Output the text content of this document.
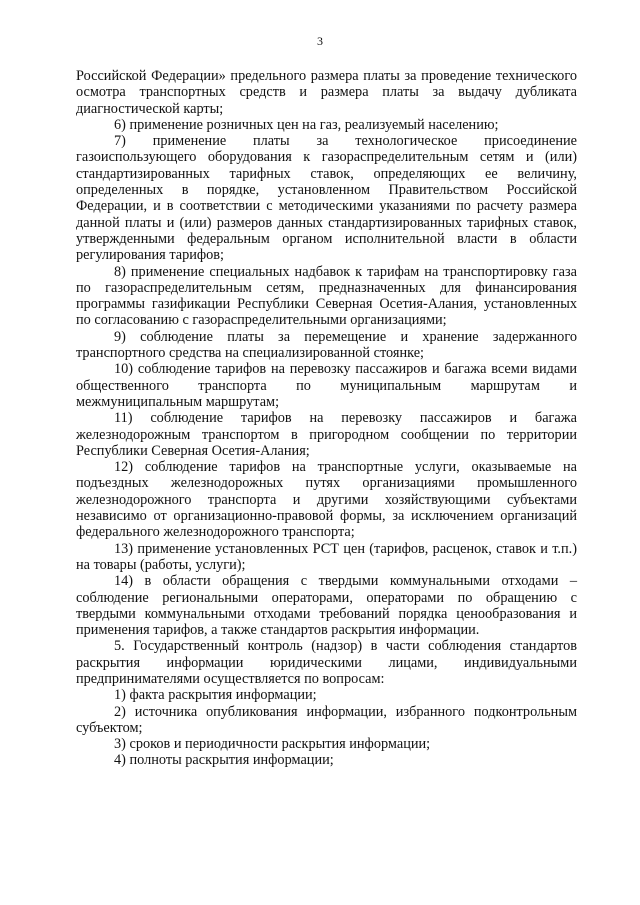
3

Российской Федерации» предельного размера платы за проведение технического осмотра транспортных средств и размера платы за выдачу дубликата диагностической карты;

6) применение розничных цен на газ, реализуемый населению;

7) применение платы за технологическое присоединение газоиспользующего оборудования к газораспределительным сетям и (или) стандартизированных тарифных ставок, определяющих ее величину, определенных в порядке, установленном Правительством Российской Федерации, и в соответствии с методическими указаниями по расчету размера данной платы и (или) размеров данных стандартизированных тарифных ставок, утвержденными федеральным органом исполнительной власти в области регулирования тарифов;

8) применение специальных надбавок к тарифам на транспортировку газа по газораспределительным сетям, предназначенных для финансирования программы газификации Республики Северная Осетия-Алания, установленных по согласованию с газораспределительными организациями;

9) соблюдение платы за перемещение и хранение задержанного транспортного средства на специализированной стоянке;

10) соблюдение тарифов на перевозку пассажиров и багажа всеми видами общественного транспорта по муниципальным маршрутам и межмуниципальным маршрутам;

11) соблюдение тарифов на перевозку пассажиров и багажа железнодорожным транспортом в пригородном сообщении по территории Республики Северная Осетия-Алания;

12) соблюдение тарифов на транспортные услуги, оказываемые на подъездных железнодорожных путях организациями промышленного железнодорожного транспорта и другими хозяйствующими субъектами независимо от организационно-правовой формы, за исключением организаций федерального железнодорожного транспорта;

13) применение установленных РСТ цен (тарифов, расценок, ставок и т.п.) на товары (работы, услуги);

14) в области обращения с твердыми коммунальными отходами – соблюдение региональными операторами, операторами по обращению с твердыми коммунальными отходами требований порядка ценообразования и применения тарифов, а также стандартов раскрытия информации.

5. Государственный контроль (надзор) в части соблюдения стандартов раскрытия информации юридическими лицами, индивидуальными предпринимателями осуществляется по вопросам:

1) факта раскрытия информации;

2) источника опубликования информации, избранного подконтрольным субъектом;

3) сроков и периодичности раскрытия информации;

4) полноты раскрытия информации;
